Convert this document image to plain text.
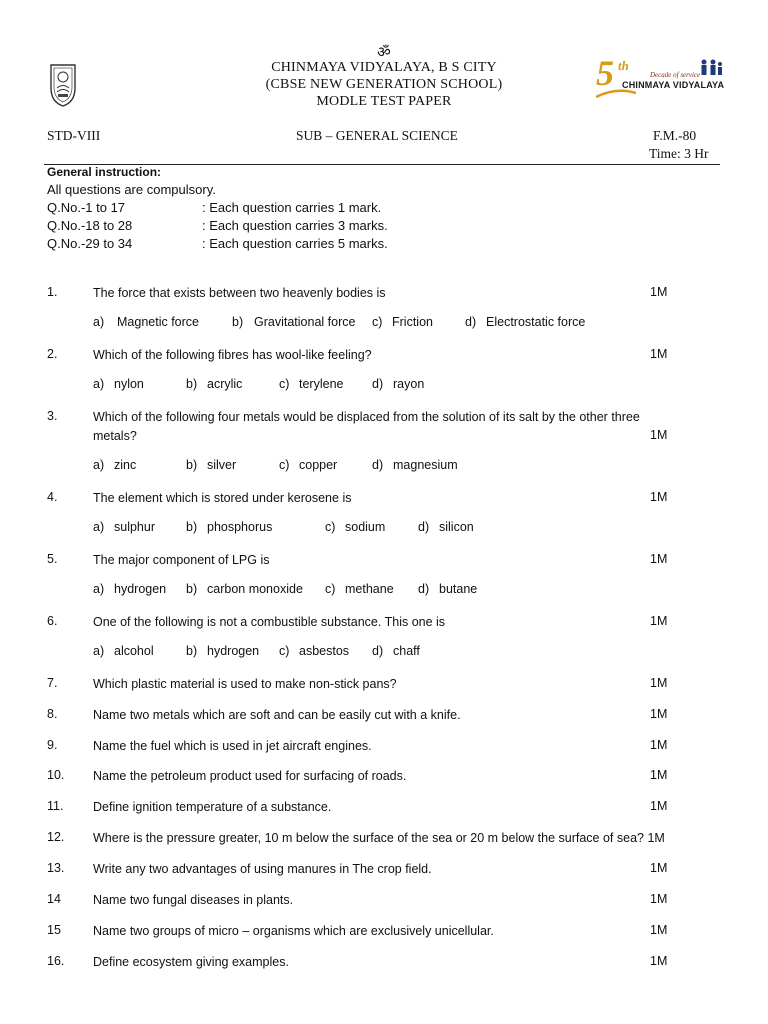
ॐ
CHINMAYA VIDYALAYA, B S CITY
(CBSE NEW GENERATION SCHOOL)
MODLE TEST PAPER
5 th
Decade of service
CHINMAYA VIDYALAYA
STD-VIII	SUB – GENERAL SCIENCE	F.M.-80
Time: 3 Hr
General instruction:
All questions are compulsory.
Q.No.-1 to 17	: Each question carries 1 mark.
Q.No.-18 to 28	: Each question carries 3 marks.
Q.No.-29 to 34	: Each question carries 5 marks.
1.	The force that exists between two heavenly bodies is	1M
a) Magnetic force	b) Gravitational force c) Friction	d) Electrostatic force
2.	Which of the following fibres has wool-like feeling?	1M
a) nylon	b) acrylic	c) terylene d) rayon
3.	Which of the following four metals would be displaced from the solution of its salt by the other three
metals?	1M
a) zinc	b) silver	c) copper	d) magnesium
4.	The element which is stored under kerosene is	1M
a) sulphur b) phosphorus	c) sodium	d) silicon
5.	The major component of LPG is	1M
a) hydrogen b) carbon monoxide c) methane d) butane
6.	One of the following is not a combustible substance. This one is	1M
a) alcohol	b) hydrogen c) asbestos d) chaff
7.	Which plastic material is used to make non-stick pans?	1M
8.	Name two metals which are soft and can be easily cut with a knife.	1M
9.	Name the fuel which is used in jet aircraft engines.	1M
10. Name the petroleum product used for surfacing of roads.	1M
11. Define ignition temperature of a substance.	1M
12. Where is the pressure greater, 10 m below the surface of the sea or 20 m below the surface of sea? 1M
13. Write any two advantages of using manures in The crop field.	1M
14	Name two fungal diseases in plants.	1M
15	Name two groups of micro – organisms which are exclusively unicellular.	1M
16. Define ecosystem giving examples.	1M
